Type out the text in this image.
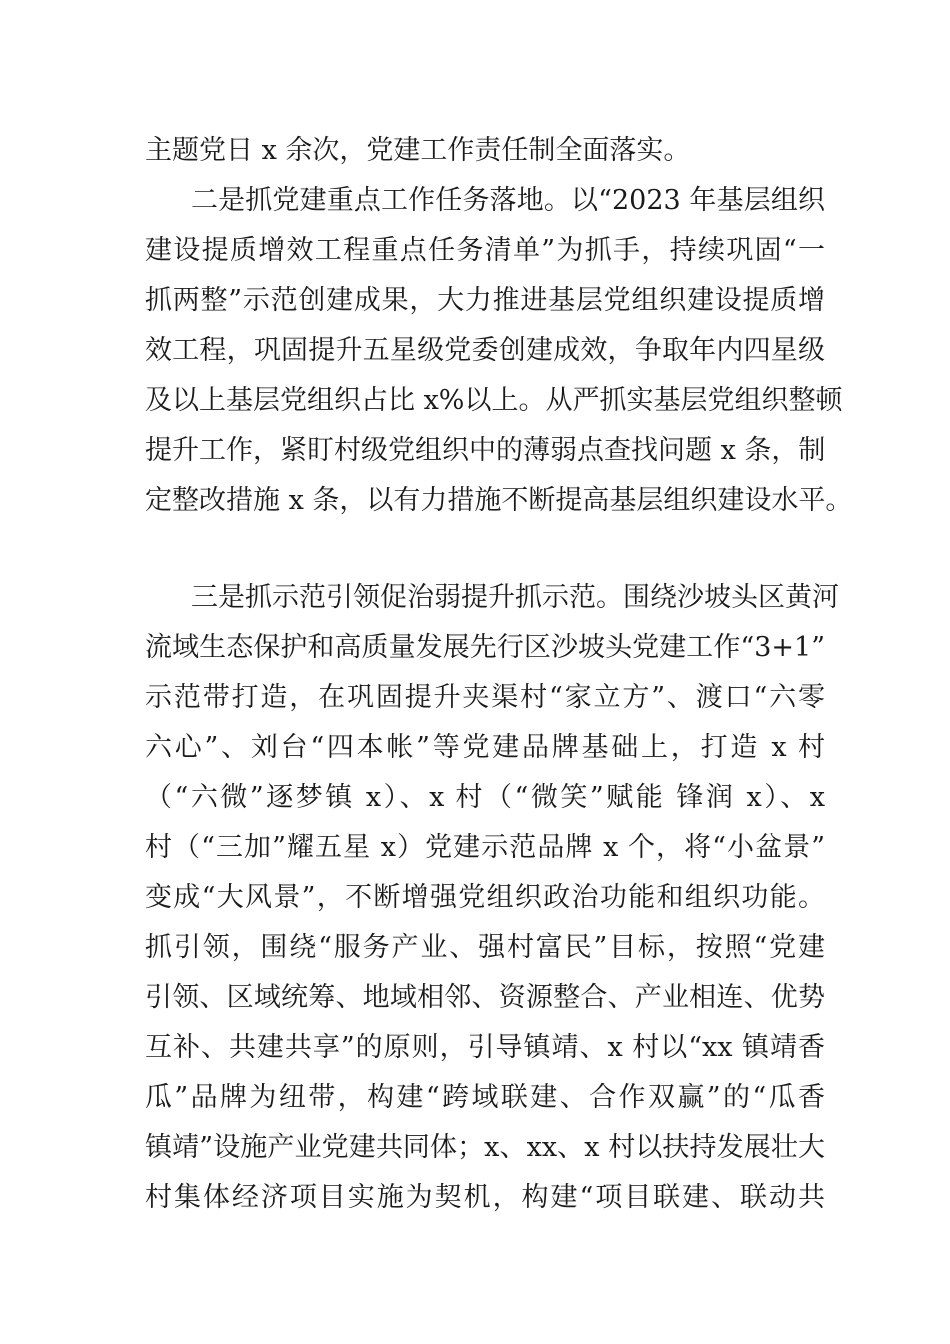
主题党日 x 余次，党建工作责任制全面落实。
二是抓党建重点工作任务落地。以“2023 年基层组织
建设提质增效工程重点任务清单”为抓手，持续巩固“一
抓两整”示范创建成果，大力推进基层党组织建设提质增
效工程，巩固提升五星级党委创建成效，争取年内四星级
及以上基层党组织占比 x%以上。从严抓实基层党组织整顿
提升工作，紧盯村级党组织中的薄弱点查找问题 x 条，制
定整改措施 x 条，以有力措施不断提高基层组织建设水平。
三是抓示范引领促治弱提升抓示范。围绕沙坡头区黄河
流域生态保护和高质量发展先行区沙坡头党建工作“3+1”
示范带打造，在巩固提升夹渠村“家立方”、渡口“六零
六心”、刘台“四本帐”等党建品牌基础上，打造 x 村
（“六微”逐梦镇 x）、x 村（“微笑”赋能 锋润 x）、x
村（“三加”耀五星 x）党建示范品牌 x 个，将“小盆景”
变成“大风景”，不断增强党组织政治功能和组织功能。
抓引领，围绕“服务产业、强村富民”目标，按照“党建
引领、区域统筹、地域相邻、资源整合、产业相连、优势
互补、共建共享”的原则，引导镇靖、x 村以“xx 镇靖香
瓜”品牌为纽带，构建“跨域联建、合作双赢”的“瓜香
镇靖”设施产业党建共同体；x、xx、x 村以扶持发展壮大
村集体经济项目实施为契机，构建“项目联建、联动共
